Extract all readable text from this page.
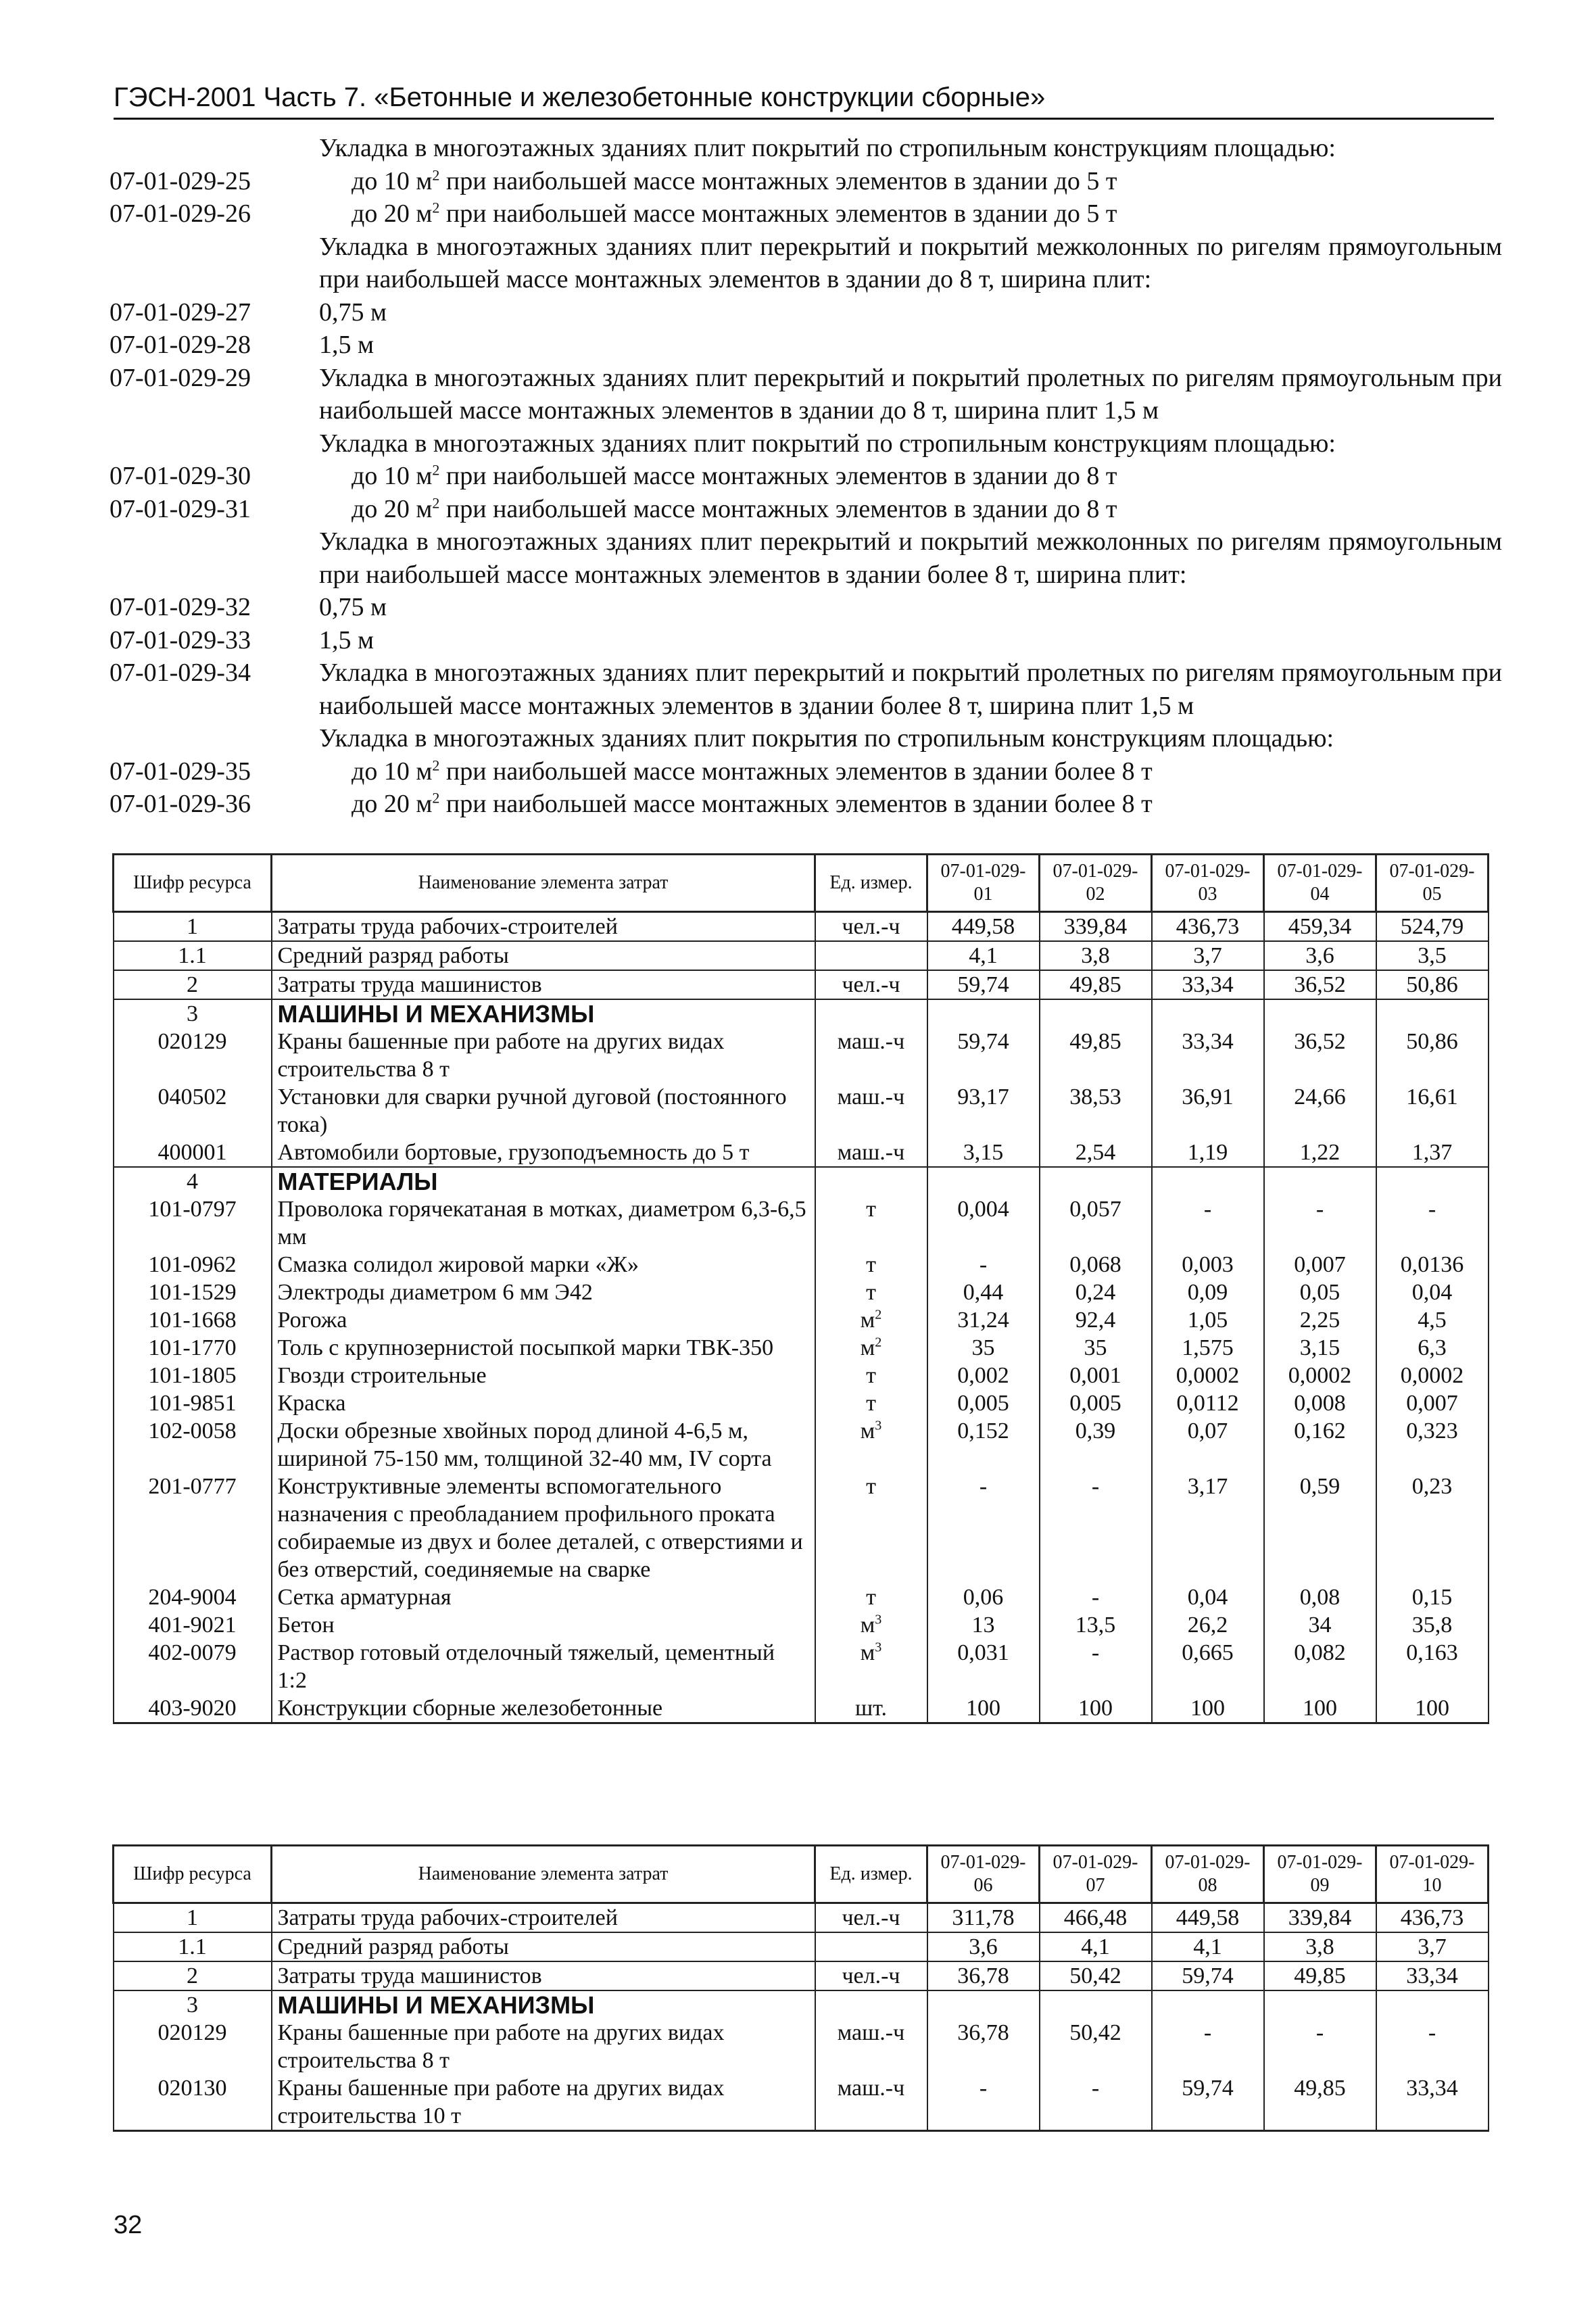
ГЭСН-2001 Часть 7. «Бетонные и железобетонные конструкции сборные»
Укладка в многоэтажных зданиях плит покрытий по стропильным конструкциям площадью:
07-01-029-25	до 10 $м^2$ при наибольшей массе монтажных элементов в здании до 5 т
07-01-029-26	до 20 $м^2$ при наибольшей массе монтажных элементов в здании до 5 т
Укладка в многоэтажных зданиях плит перекрытий и покрытий межколонных по ригелям прямоугольным при наибольшей массе монтажных элементов в здании до 8 т, ширина плит:
07-01-029-27	0,75 м
07-01-029-28	1,5 м
07-01-029-29	Укладка в многоэтажных зданиях плит перекрытий и покрытий пролетных по ригелям прямоугольным при наибольшей массе монтажных элементов в здании до 8 т, ширина плит 1,5 м
Укладка в многоэтажных зданиях плит покрытий по стропильным конструкциям площадью:
07-01-029-30	до 10 $м^2$ при наибольшей массе монтажных элементов в здании до 8 т
07-01-029-31	до 20 $м^2$ при наибольшей массе монтажных элементов в здании до 8 т
Укладка в многоэтажных зданиях плит перекрытий и покрытий межколонных по ригелям прямоугольным при наибольшей массе монтажных элементов в здании более 8 т, ширина плит:
07-01-029-32	0,75 м
07-01-029-33	1,5 м
07-01-029-34	Укладка в многоэтажных зданиях плит перекрытий и покрытий пролетных по ригелям прямоугольным при наибольшей массе монтажных элементов в здании более 8 т, ширина плит 1,5 м
Укладка в многоэтажных зданиях плит покрытия по стропильным конструкциям площадью:
07-01-029-35	до 10 $м^2$ при наибольшей массе монтажных элементов в здании более 8 т
07-01-029-36	до 20 $м^2$ при наибольшей массе монтажных элементов в здании более 8 т
Шифр ресурса	Наименование элемента затрат	Ед. измер.	07-01-029-01	07-01-029-02	07-01-029-03	07-01-029-04	07-01-029-05
1	Затраты труда рабочих-строителей	чел.-ч	449,58	339,84	436,73	459,34	524,79
1.1	Средний разряд работы		4,1	3,8	3,7	3,6	3,5
2	Затраты труда машинистов	чел.-ч	59,74	49,85	33,34	36,52	50,86
3	МАШИНЫ И МЕХАНИЗМЫ						
020129	Краны башенные при работе на других видах строительства 8 т	маш.-ч	59,74	49,85	33,34	36,52	50,86
040502	Установки для сварки ручной дуговой (постоянного тока)	маш.-ч	93,17	38,53	36,91	24,66	16,61
400001	Автомобили бортовые, грузоподъемность до 5 т	маш.-ч	3,15	2,54	1,19	1,22	1,37
4	МАТЕРИАЛЫ						
101-0797	Проволока горячекатаная в мотках, диаметром 6,3-6,5 мм	т	0,004	0,057	-	-	-
101-0962	Смазка солидол жировой марки «Ж»	т	-	0,068	0,003	0,007	0,0136
101-1529	Электроды диаметром 6 мм Э42	т	0,44	0,24	0,09	0,05	0,04
101-1668	Рогожа	$м^2$	31,24	92,4	1,05	2,25	4,5
101-1770	Толь с крупнозернистой посыпкой марки ТВК-350	$м^2$	35	35	1,575	3,15	6,3
101-1805	Гвозди строительные	т	0,002	0,001	0,0002	0,0002	0,0002
101-9851	Краска	т	0,005	0,005	0,0112	0,008	0,007
102-0058	Доски обрезные хвойных пород длиной 4-6,5 м, шириной 75-150 мм, толщиной 32-40 мм, IV сорта	$м^3$	0,152	0,39	0,07	0,162	0,323
201-0777	Конструктивные элементы вспомогательного назначения с преобладанием профильного проката собираемые из двух и более деталей, с отверстиями и без отверстий, соединяемые на сварке	т	-	-	3,17	0,59	0,23
204-9004	Сетка арматурная	т	0,06	-	0,04	0,08	0,15
401-9021	Бетон	$м^3$	13	13,5	26,2	34	35,8
402-0079	Раствор готовый отделочный тяжелый, цементный 1:2	$м^3$	0,031	-	0,665	0,082	0,163
403-9020	Конструкции сборные железобетонные	шт.	100	100	100	100	100
Шифр ресурса	Наименование элемента затрат	Ед. измер.	07-01-029-06	07-01-029-07	07-01-029-08	07-01-029-09	07-01-029-10
1	Затраты труда рабочих-строителей	чел.-ч	311,78	466,48	449,58	339,84	436,73
1.1	Средний разряд работы		3,6	4,1	4,1	3,8	3,7
2	Затраты труда машинистов	чел.-ч	36,78	50,42	59,74	49,85	33,34
3	МАШИНЫ И МЕХАНИЗМЫ						
020129	Краны башенные при работе на других видах строительства 8 т	маш.-ч	36,78	50,42	-	-	-
020130	Краны башенные при работе на других видах строительства 10 т	маш.-ч	-	-	59,74	49,85	33,34
32
